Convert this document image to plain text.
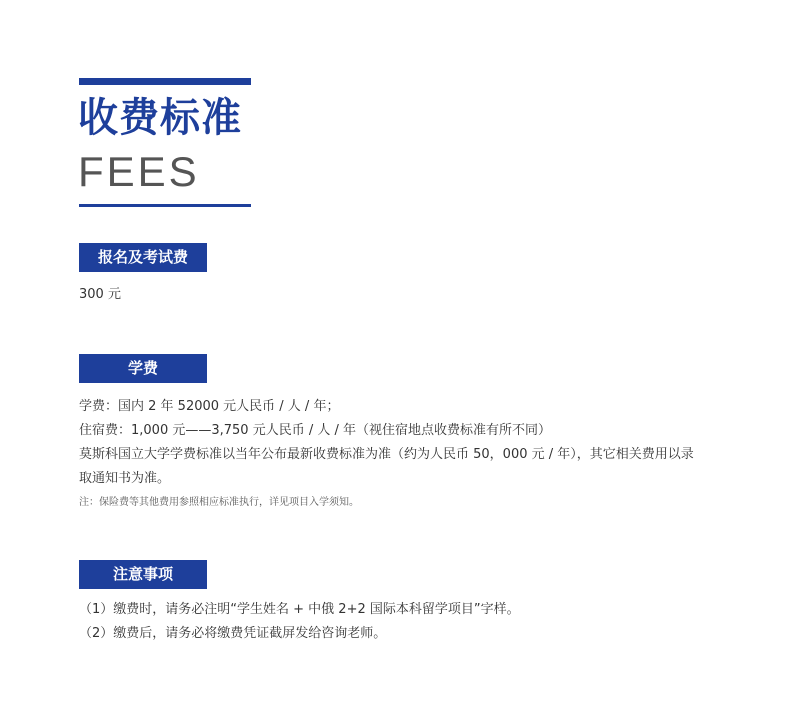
收费标准
FEES
报名及考试费
300 元
学费
学费：国内 2 年 52000 元人民币 / 人 / 年；
住宿费：1,000 元——3,750 元人民币 / 人 / 年（视住宿地点收费标准有所不同）
莫斯科国立大学学费标准以当年公布最新收费标准为准（约为人民币 50，000 元 / 年），其它相关费用以录
取通知书为准。
注：保险费等其他费用参照相应标准执行，详见项目入学须知。
注意事项
（1）缴费时，请务必注明“学生姓名 + 中俄 2+2 国际本科留学项目”字样。
（2）缴费后，请务必将缴费凭证截屏发给咨询老师。
